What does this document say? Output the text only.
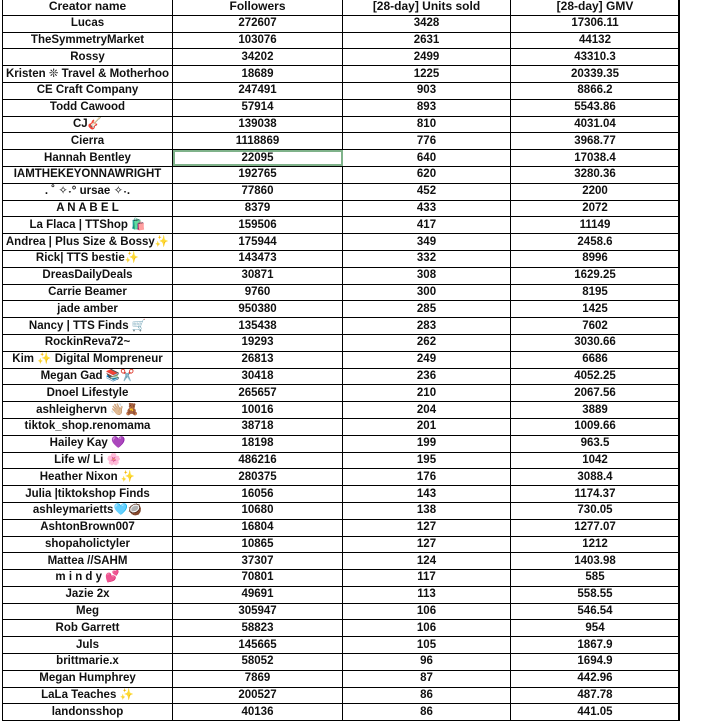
Creator name	Followers	[28-day] Units sold	[28-day] GMV
Lucas	272607	3428	17306.11
TheSymmetryMarket	103076	2631	44132
Rossy	34202	2499	43310.3
Kristen ❊ Travel & Motherhoo	18689	1225	20339.35
CE Craft Company	247491	903	8866.2
Todd Cawood	57914	893	5543.86
CJ🎸	139038	810	4031.04
Cierra	1118869	776	3968.77
Hannah Bentley	22095	640	17038.4
IAMTHEKEYONNAWRIGHT	192765	620	3280.36
. ˚ ✧˖° ursae ✧˖.	77860	452	2200
A N A B E L	8379	433	2072
La Flaca | TTShop 🛍️	159506	417	11149
Andrea | Plus Size & Bossy✨	175944	349	2458.6
Rick| TTS bestie✨	143473	332	8996
DreasDailyDeals	30871	308	1629.25
Carrie Beamer	9760	300	8195
jade amber	950380	285	1425
Nancy | TTS Finds 🛒	135438	283	7602
RockinReva72~	19293	262	3030.66
Kim ✨ Digital Mompreneur	26813	249	6686
Megan Gad 📚✂️	30418	236	4052.25
Dnoel Lifestyle	265657	210	2067.56
ashleighervn 👋🏼🧸	10016	204	3889
tiktok_shop.renomama	38718	201	1009.66
Hailey Kay 💜	18198	199	963.5
Life w/ Li 🌸	486216	195	1042
Heather Nixon ✨	280375	176	3088.4
Julia |tiktokshop Finds	16056	143	1174.37
ashleymarietts🩵🥥	10680	138	730.05
AshtonBrown007	16804	127	1277.07
shopaholictyler	10865	127	1212
Mattea //SAHM	37307	124	1403.98
m i n d y 💕	70801	117	585
Jazie 2x	49691	113	558.55
Meg	305947	106	546.54
Rob Garrett	58823	106	954
Juls	145665	105	1867.9
brittmarie.x	58052	96	1694.9
Megan Humphrey	7869	87	442.96
LaLa Teaches ✨	200527	86	487.78
landonsshop	40136	86	441.05
